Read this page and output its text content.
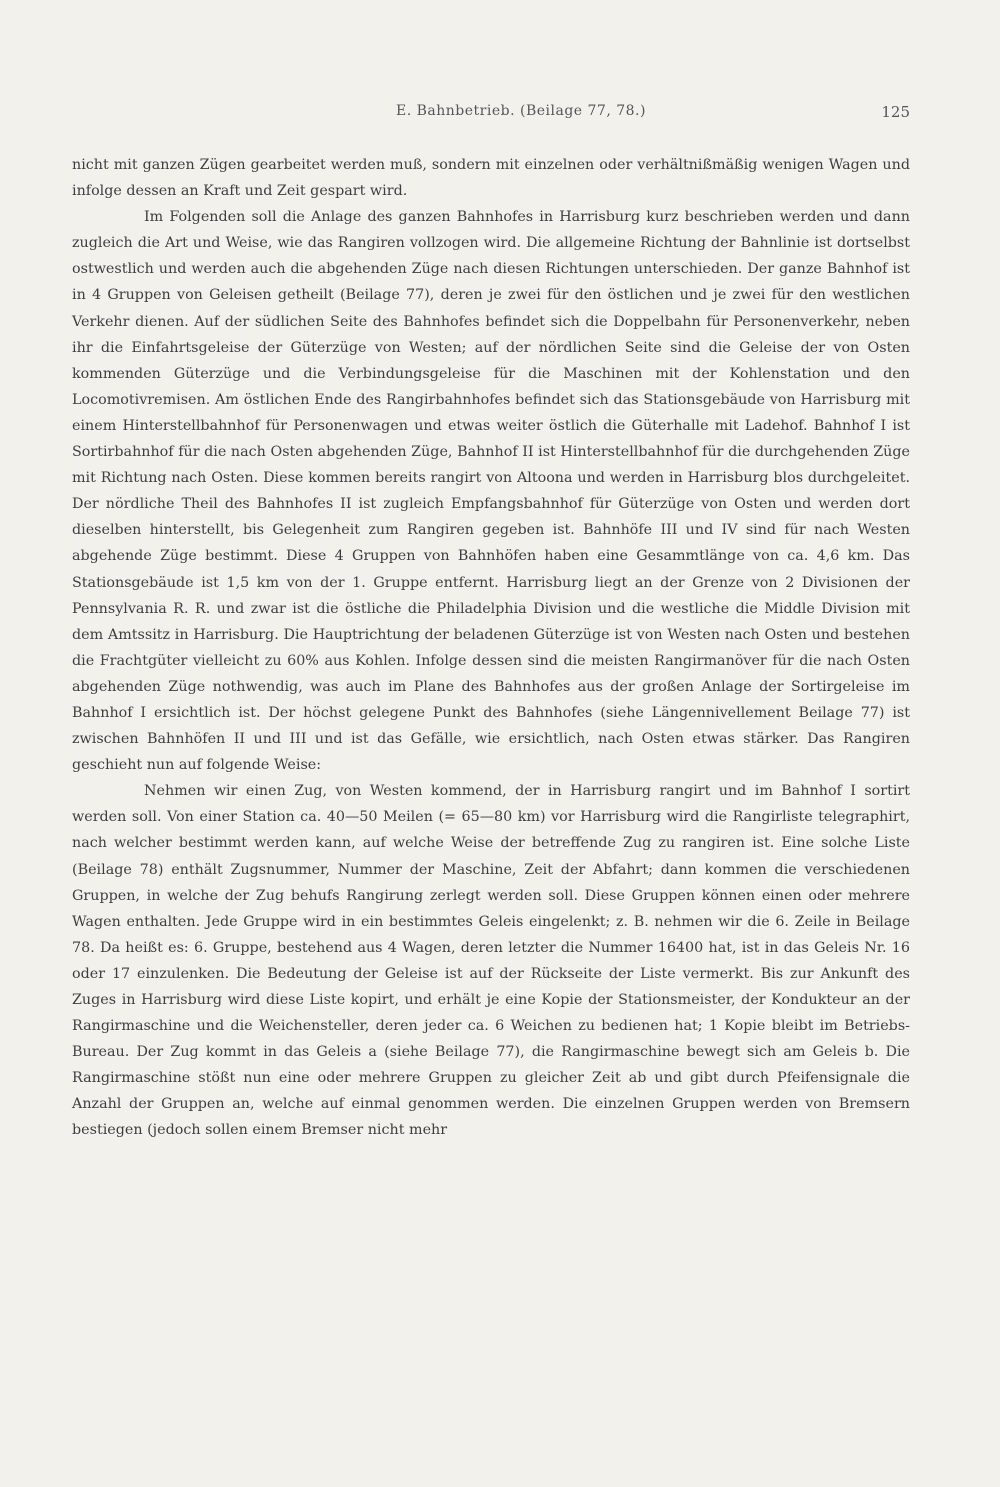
E. Bahnbetrieb. (Beilage 77, 78.)	125

nicht mit ganzen Zügen gearbeitet werden muß, sondern mit einzelnen oder verhältnißmäßig wenigen Wagen und infolge dessen an Kraft und Zeit gespart wird.

Im Folgenden soll die Anlage des ganzen Bahnhofes in Harrisburg kurz beschrieben werden und dann zugleich die Art und Weise, wie das Rangiren vollzogen wird. Die allgemeine Richtung der Bahnlinie ist dortselbst ostwestlich und werden auch die abgehenden Züge nach diesen Richtungen unterschieden. Der ganze Bahnhof ist in 4 Gruppen von Geleisen getheilt (Beilage 77), deren je zwei für den östlichen und je zwei für den westlichen Verkehr dienen. Auf der südlichen Seite des Bahnhofes befindet sich die Doppelbahn für Personenverkehr, neben ihr die Einfahrtsgeleise der Güterzüge von Westen; auf der nördlichen Seite sind die Geleise der von Osten kommenden Güterzüge und die Verbindungsgeleise für die Maschinen mit der Kohlenstation und den Locomotivremisen. Am östlichen Ende des Rangirbahnhofes befindet sich das Stationsgebäude von Harrisburg mit einem Hinterstellbahnhof für Personenwagen und etwas weiter östlich die Güterhalle mit Ladehof. Bahnhof I ist Sortirbahnhof für die nach Osten abgehenden Züge, Bahnhof II ist Hinterstellbahnhof für die durchgehenden Züge mit Richtung nach Osten. Diese kommen bereits rangirt von Altoona und werden in Harrisburg blos durchgeleitet. Der nördliche Theil des Bahnhofes II ist zugleich Empfangsbahnhof für Güterzüge von Osten und werden dort dieselben hinterstellt, bis Gelegenheit zum Rangiren gegeben ist. Bahnhöfe III und IV sind für nach Westen abgehende Züge bestimmt. Diese 4 Gruppen von Bahnhöfen haben eine Gesammtlänge von ca. 4,6 km. Das Stationsgebäude ist 1,5 km von der 1. Gruppe entfernt. Harrisburg liegt an der Grenze von 2 Divisionen der Pennsylvania R. R. und zwar ist die östliche die Philadelphia Division und die westliche die Middle Division mit dem Amtssitz in Harrisburg. Die Hauptrichtung der beladenen Güterzüge ist von Westen nach Osten und bestehen die Frachtgüter vielleicht zu 60% aus Kohlen. Infolge dessen sind die meisten Rangirmanöver für die nach Osten abgehenden Züge nothwendig, was auch im Plane des Bahnhofes aus der großen Anlage der Sortirgeleise im Bahnhof I ersichtlich ist. Der höchst gelegene Punkt des Bahnhofes (siehe Längennivellement Beilage 77) ist zwischen Bahnhöfen II und III und ist das Gefälle, wie ersichtlich, nach Osten etwas stärker. Das Rangiren geschieht nun auf folgende Weise:

Nehmen wir einen Zug, von Westen kommend, der in Harrisburg rangirt und im Bahnhof I sortirt werden soll. Von einer Station ca. 40—50 Meilen (= 65—80 km) vor Harrisburg wird die Rangirliste telegraphirt, nach welcher bestimmt werden kann, auf welche Weise der betreffende Zug zu rangiren ist. Eine solche Liste (Beilage 78) enthält Zugsnummer, Nummer der Maschine, Zeit der Abfahrt; dann kommen die verschiedenen Gruppen, in welche der Zug behufs Rangirung zerlegt werden soll. Diese Gruppen können einen oder mehrere Wagen enthalten. Jede Gruppe wird in ein bestimmtes Geleis eingelenkt; z. B. nehmen wir die 6. Zeile in Beilage 78. Da heißt es: 6. Gruppe, bestehend aus 4 Wagen, deren letzter die Nummer 16400 hat, ist in das Geleis Nr. 16 oder 17 einzulenken. Die Bedeutung der Geleise ist auf der Rückseite der Liste vermerkt. Bis zur Ankunft des Zuges in Harrisburg wird diese Liste kopirt, und erhält je eine Kopie der Stationsmeister, der Kondukteur an der Rangirmaschine und die Weichensteller, deren jeder ca. 6 Weichen zu bedienen hat; 1 Kopie bleibt im Betriebs-Bureau. Der Zug kommt in das Geleis a (siehe Beilage 77), die Rangirmaschine bewegt sich am Geleis b. Die Rangirmaschine stößt nun eine oder mehrere Gruppen zu gleicher Zeit ab und gibt durch Pfeifensignale die Anzahl der Gruppen an, welche auf einmal genommen werden. Die einzelnen Gruppen werden von Bremsern bestiegen (jedoch sollen einem Bremser nicht mehr
